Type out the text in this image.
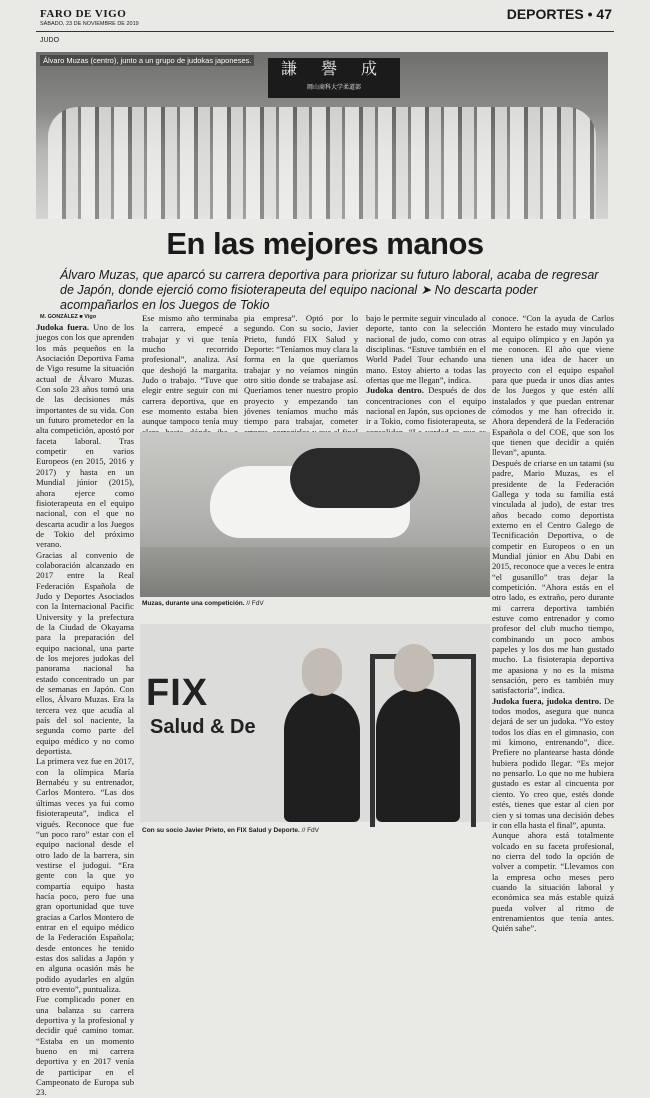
FARO DE VIGO
SÁBADO, 23 DE NOVIEMBRE DE 2019
DEPORTES • 47
JUDO
謙 譽 成
岡山商科大学柔道部
Álvaro Muzas (centro), junto a un grupo de judokas japoneses.
En las mejores manos
Álvaro Muzas, que aparcó su carrera deportiva para priorizar su futuro laboral, acaba de regresar de Japón, donde ejerció como fisioterapeuta del equipo nacional ➤ No descarta poder acompañarlos en los Juegos de Tokio
M. GONZÁLEZ ■ Vigo

Judoka fuera. Uno de los juegos con los que aprenden los más pequeños en la Asociación Deportiva Fama de Vigo resume la situación actual de Álvaro Muzas. Con solo 23 años tomó una de las decisiones más importantes de su vida. Con un futuro prometedor en la alta competición, apostó por faceta laboral. Tras competir en varios Europeos (en 2015, 2016 y 2017) y hasta en un Mundial júnior (2015), ahora ejerce como fisioterapeuta en el equipo nacional, con el que no descarta acudir a los Juegos de Tokio del próximo verano.

Gracias al convenio de colaboración alcanzado en 2017 entre la Real Federación Española de Judo y Deportes Asociados con la Internacional Pacific University y la prefectura de la Ciudad de Okayama para la preparación del equipo nacional, una parte de los mejores judokas del panorama nacional ha estado concentrado un par de semanas en Japón. Con ellos, Álvaro Muzas. Era la tercera vez que acudía al país del sol naciente, la segunda como parte del equipo médico y no como deportista.

La primera vez fue en 2017, con la olímpica María Bernabéu y su entrenador, Carlos Montero. “Las dos últimas veces ya fui como fisioterapeuta”, indica el vigués. Reconoce que fue “un poco raro” estar con el equipo nacional desde el otro lado de la barrera, sin vestirse el judogui. “Era gente con la que yo compartía equipo hasta hacía poco, pero fue una gran oportunidad que tuve gracias a Carlos Montero de entrar en el equipo médico de la Federación Española; desde entonces he tenido estas dos salidas a Japón y en alguna ocasión más he podido ayudarles en algún otro evento”, puntualiza.

Fue complicado poner en una balanza su carrera deportiva y la profesional y decidir qué camino tomar. “Estaba en un momento bueno en mi carrera deportiva y en 2017 venía de participar en el Campeonato de Europa sub 23.

Ese mismo año terminaba la carrera, empecé a trabajar y vi que tenía mucho recorrido profesional”, analiza. Así que deshojó la margarita. Judo o trabajo. “Tuve que elegir entre seguir con mi carrera deportiva, que en ese momento estaba bien aunque tampoco tenía muy
pia empresa”. Optó por lo segundo. Con su socio, Javier Prieto, fundó FIX Salud y Deporte: “Teníamos muy clara la forma en la que queríamos trabajar y no veíamos ningún otro sitio donde se trabajase así. Queríamos tener nuestro propio proyecto y empezando tan jóvenes teníamos mucho más tiempo para trabajar, cometer

bajo le permite seguir vinculado al deporte, tanto con la selección nacional de judo, como con otras disciplinas. “Estuve también en el World Padel Tour echando una mano. Estoy abierto a todas las ofertas que me llegan”, indica.

Judoka dentro. Después de dos concentraciones con el equipo nacional en Japón, sus opciones de ir a Tokio, como fisioterapeuta, se

conoce. “Con la ayuda de Carlos Montero he estado muy vinculado al equipo olímpico y en Japón ya me conocen. El año que viene tienen una idea de hacer un proyecto con el equipo español para que pueda ir unos días antes de los Juegos y que estén allí instalados y que puedan entrenar cómodos y me han ofrecido ir. Ahora dependerá de la Federación Española o del COE, que son los que tienen que decidir a quién llevan”, apunta.

Después de criarse en un tatami (su padre, Mario Muzas, es el presidente de la Federación Gallega y toda su familia está vinculada al judo), de estar tres años becado como deportista externo en el Centro Galego de Tecnificación Deportiva, o de competir en Europeos o en un Mundial júnior en Abu Dabi en 2015, reconoce que a veces le entra “el gusanillo” tras dejar la competición. “Ahora estás en el otro lado, es extraño, pero durante mi carrera deportiva también estuve como entrenador y como profesor del club mucho tiempo, combinando un poco ambos papeles y los dos me han gustado mucho. La fisioterapia deportiva me apasiona y no es la misma sensación, pero es también muy satisfactoria”, indica.

Judoka fuera, judoka dentro. De todos modos, asegura que nunca dejará de ser un judoka. “Yo estoy todos los días en el gimnasio, con mi kimono, entrenando”, dice. Prefiere no plantearse hasta dónde hubiera podido llegar. “Es mejor no pensarlo. Lo que no me hubiera gustado es estar al cincuenta por ciento. Yo creo que, estés donde estés, tienes que estar al cien por cien y si tomas una decisión debes ir con ella hasta el final”, apunta.

Aunque ahora está totalmente volcado en su faceta profesional, no cierra del todo la opción de volver a competir. “Llevamos con la empresa ocho meses pero cuando la situación laboral y económica sea más estable quizá pueda volver al ritmo de entrenamientos que tenía antes. Quién sabe”.

Muzas, durante una competición. // FdV
FIX
Salud & De
Con su socio Javier Prieto, en FIX Salud y Deporte. // FdV
